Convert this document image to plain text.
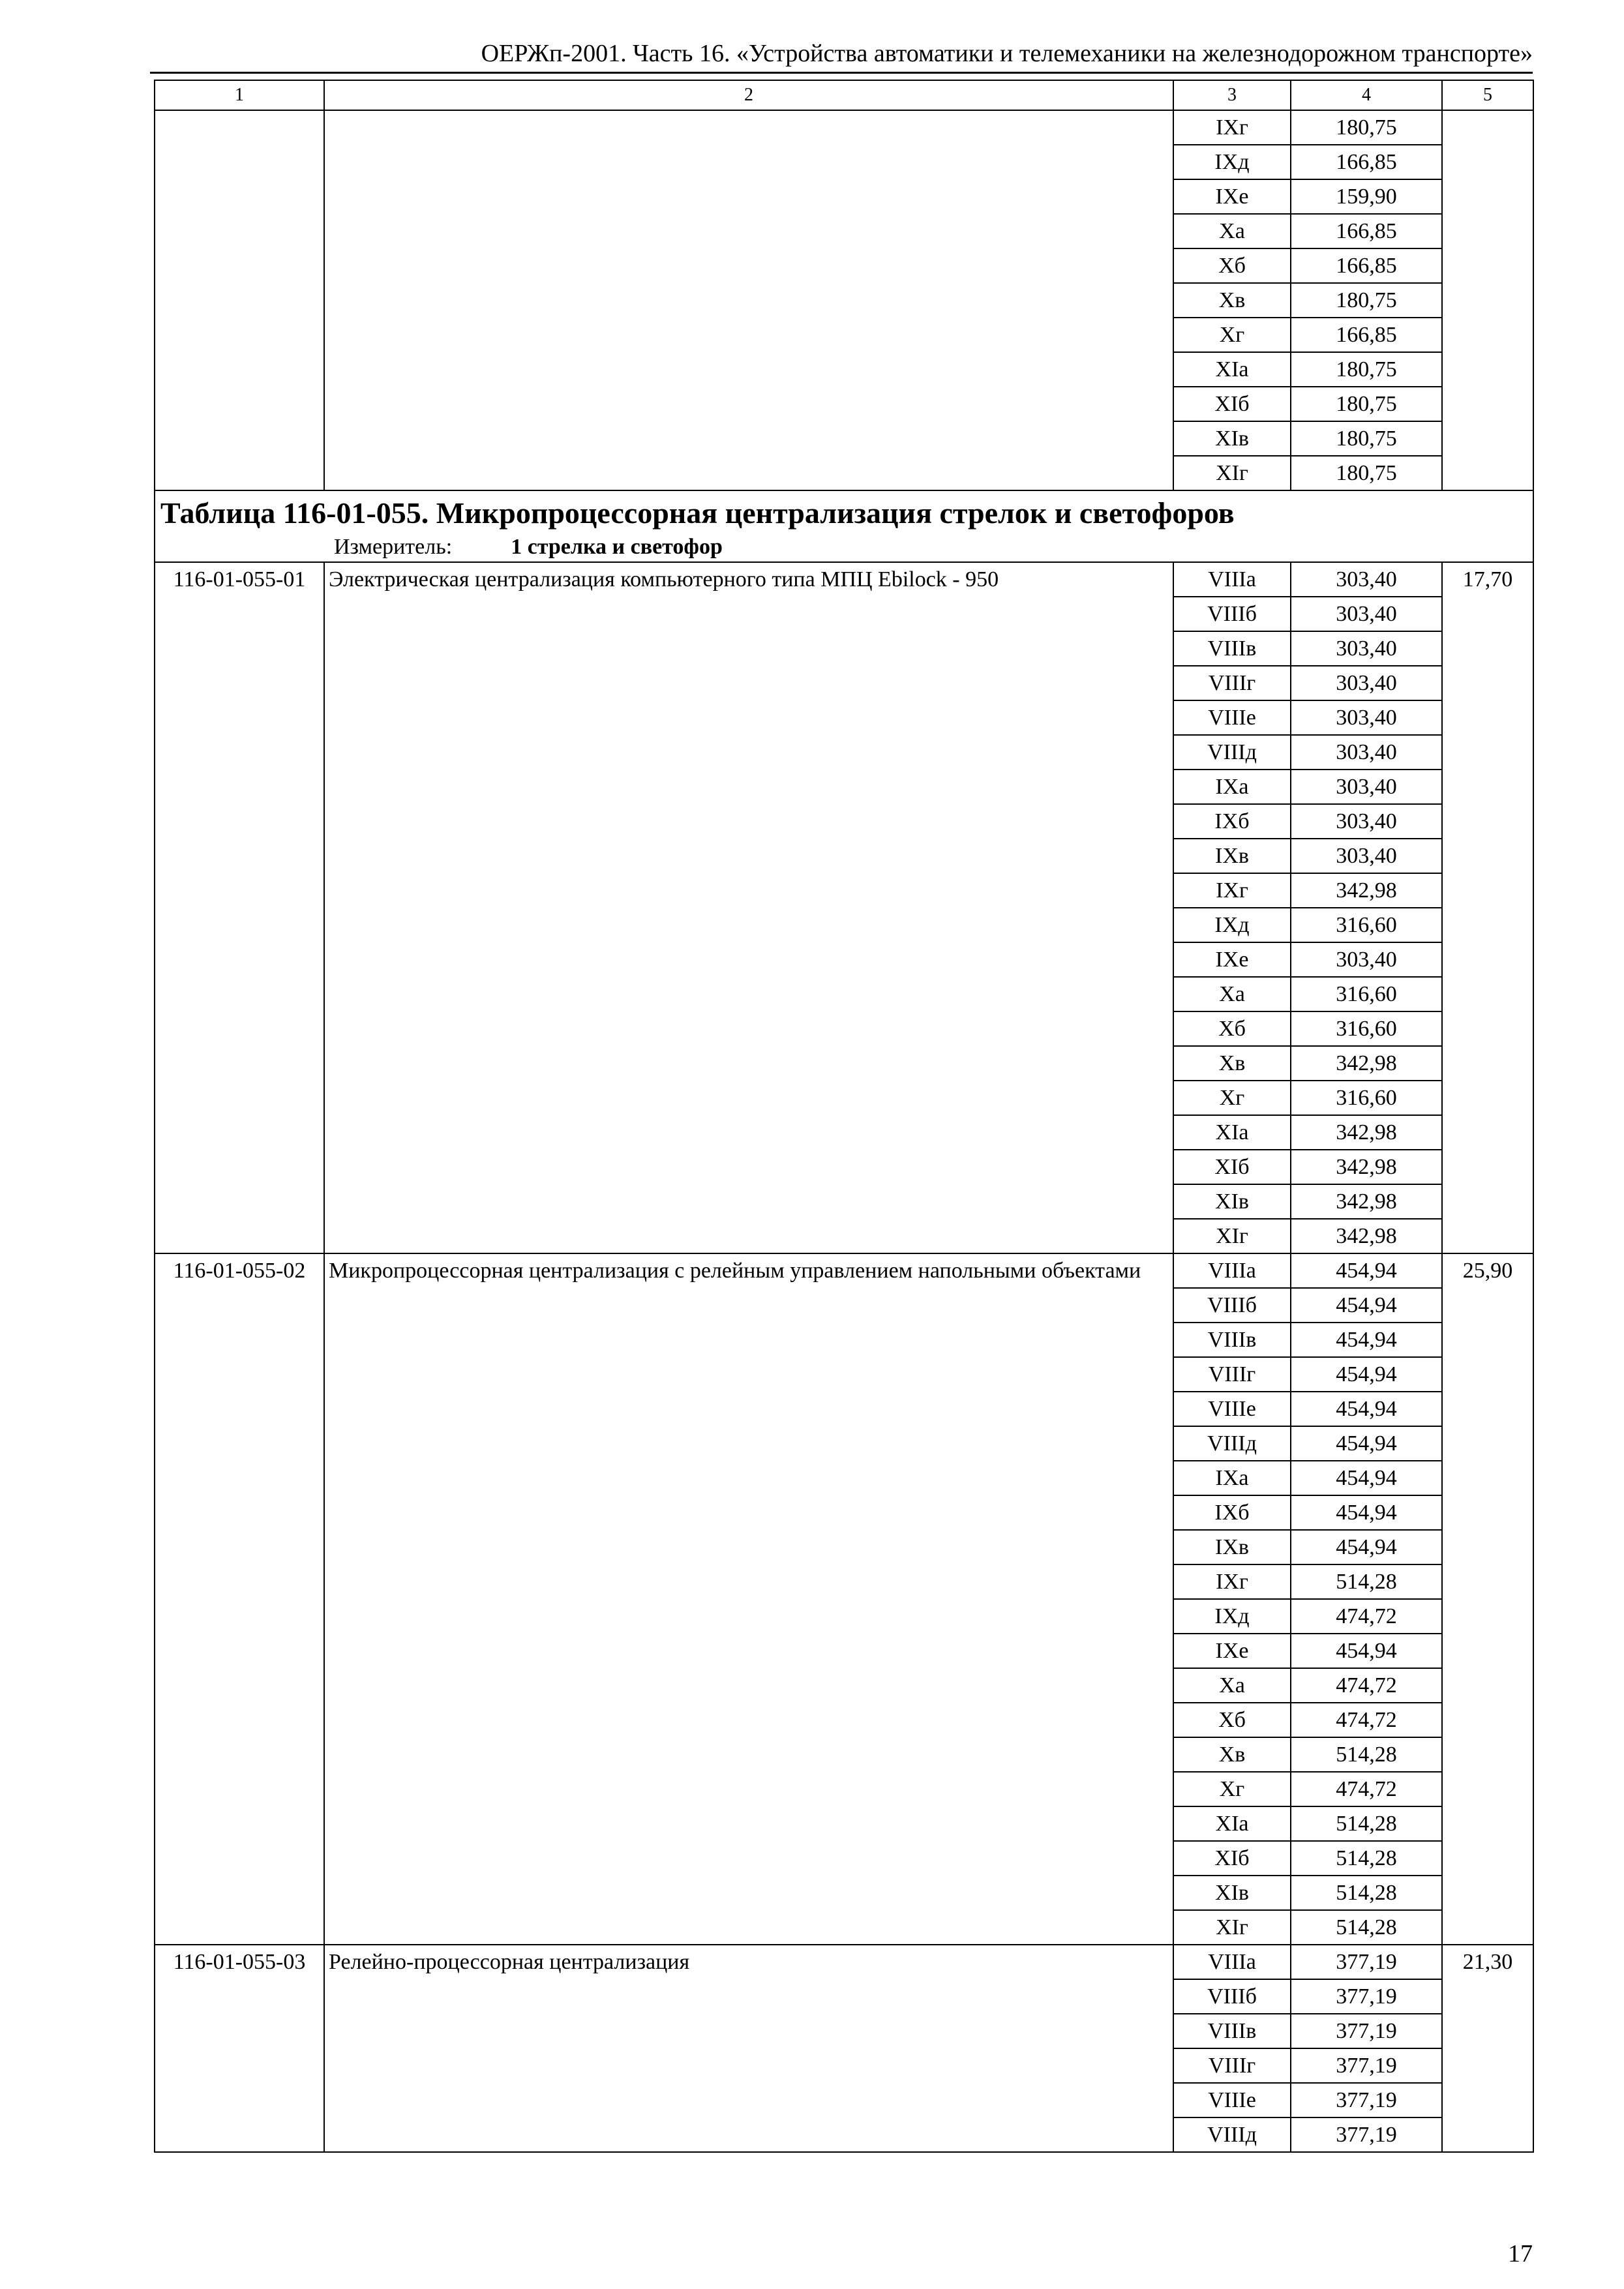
ОЕРЖп-2001. Часть 16. «Устройства автоматики и телемеханики на железнодорожном транспорте»
1	2	3	4	5
		IXг	180,75	
		IXд	166,85	
		IXе	159,90	
		Xа	166,85	
		Xб	166,85	
		Xв	180,75	
		Xг	166,85	
		XIа	180,75	
		XIб	180,75	
		XIв	180,75	
		XIг	180,75	

Таблица 116-01-055. Микропроцессорная централизация стрелок и светофоров
Измеритель: 1 стрелка и светофор				

116-01-055-01	Электрическая централизация компьютерного типа МПЦ Ebilock - 950	VIIIа	303,40	17,70
		VIIIб	303,40	
		VIIIв	303,40	
		VIIIг	303,40	
		VIIIе	303,40	
		VIIIд	303,40	
		IXа	303,40	
		IXб	303,40	
		IXв	303,40	
		IXг	342,98	
		IXд	316,60	
		IXе	303,40	
		Xа	316,60	
		Xб	316,60	
		Xв	342,98	
		Xг	316,60	
		XIа	342,98	
		XIб	342,98	
		XIв	342,98	
		XIг	342,98	
116-01-055-02	Микропроцессорная централизация с релейным управлением напольными объектами	VIIIа	454,94	25,90
		VIIIб	454,94	
		VIIIв	454,94	
		VIIIг	454,94	
		VIIIе	454,94	
		VIIIд	454,94	
		IXа	454,94	
		IXб	454,94	
		IXв	454,94	
		IXг	514,28	
		IXд	474,72	
		IXе	454,94	
		Xа	474,72	
		Xб	474,72	
		Xв	514,28	
		Xг	474,72	
		XIа	514,28	
		XIб	514,28	
		XIв	514,28	
		XIг	514,28	
116-01-055-03	Релейно-процессорная централизация	VIIIа	377,19	21,30
		VIIIб	377,19	
		VIIIв	377,19	
		VIIIг	377,19	
		VIIIе	377,19	
		VIIIд	377,19	
17
